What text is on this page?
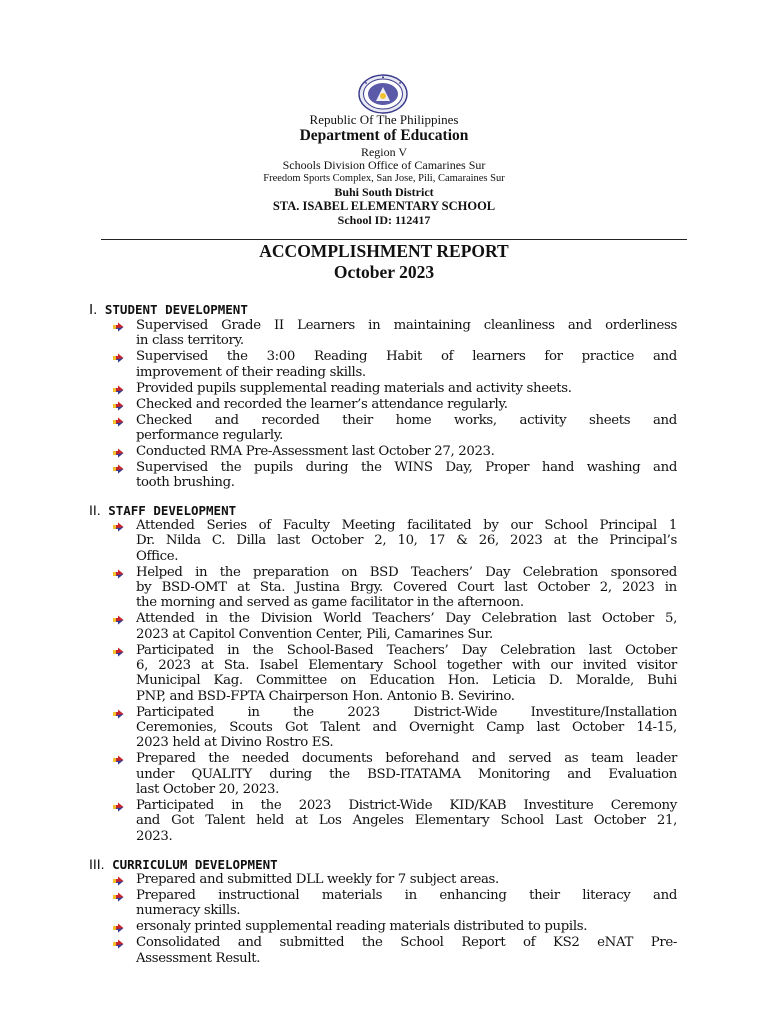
Republic Of The Philippines
Department of Education
Region V
Schools Division Office of Camarines Sur
Freedom Sports Complex, San Jose, Pili, Camaraines Sur
Buhi South District
STA. ISABEL ELEMENTARY SCHOOL
School ID: 112417
ACCOMPLISHMENT REPORT
October 2023
I. STUDENT DEVELOPMENT
Supervised Grade II Learners in maintaining cleanliness and orderliness
in class territory.
Supervised the 3:00 Reading Habit of learners for practice and
improvement of their reading skills.
Provided pupils supplemental reading materials and activity sheets.
Checked and recorded the learner’s attendance regularly.
Checked and recorded their home works, activity sheets and
performance regularly.
Conducted RMA Pre-Assessment last October 27, 2023.
Supervised the pupils during the WINS Day, Proper hand washing and
tooth brushing.
II. STAFF DEVELOPMENT
Attended Series of Faculty Meeting facilitated by our School Principal 1
Dr. Nilda C. Dilla last October 2, 10, 17 & 26, 2023 at the Principal’s
Office.
Helped in the preparation on BSD Teachers’ Day Celebration sponsored
by BSD-OMT at Sta. Justina Brgy. Covered Court last October 2, 2023 in
the morning and served as game facilitator in the afternoon.
Attended in the Division World Teachers’ Day Celebration last October 5,
2023 at Capitol Convention Center, Pili, Camarines Sur.
Participated in the School-Based Teachers’ Day Celebration last October
6, 2023 at Sta. Isabel Elementary School together with our invited visitor
Municipal Kag. Committee on Education Hon. Leticia D. Moralde, Buhi
PNP, and BSD-FPTA Chairperson Hon. Antonio B. Sevirino.
Participated	in	the	2023	District-Wide	Investiture/Installation
Ceremonies, Scouts Got Talent and Overnight Camp last October 14-15,
2023 held at Divino Rostro ES.
Prepared the needed documents beforehand and served as team leader
under QUALITY during the BSD-ITATAMA Monitoring and Evaluation
last October 20, 2023.
Participated in the 2023 District-Wide KID/KAB Investiture Ceremony
and Got Talent held at Los Angeles Elementary School Last October 21,
2023.
III. CURRICULUM DEVELOPMENT
Prepared and submitted DLL weekly for 7 subject areas.
Prepared instructional materials in enhancing their literacy and
numeracy skills.
ersonaly printed supplemental reading materials distributed to pupils.
Consolidated and submitted the School Report of KS2 eNAT Pre-
Assessment Result.
